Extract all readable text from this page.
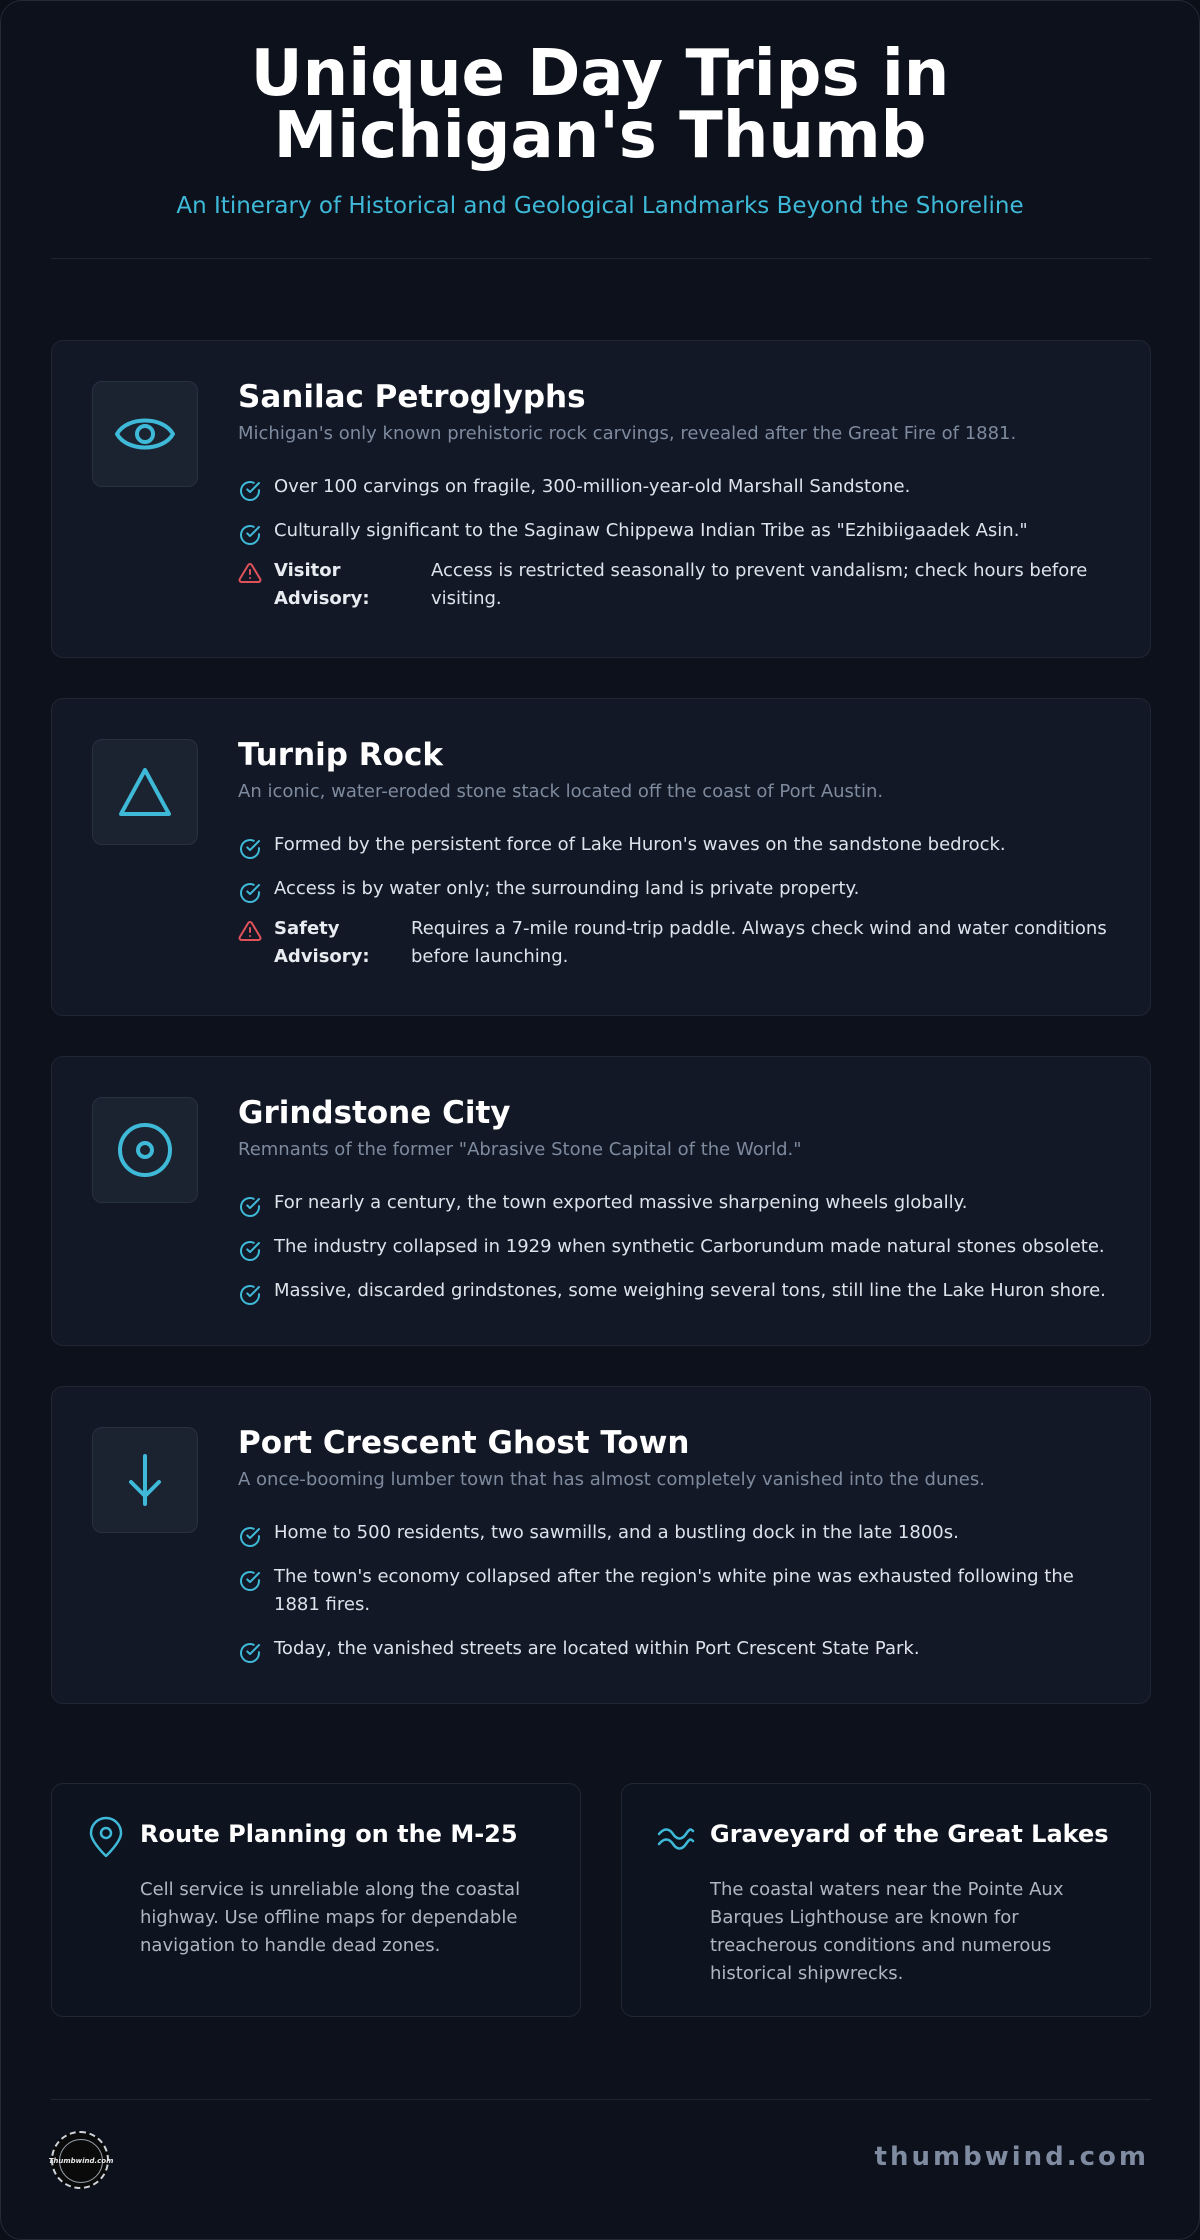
Unique Day Trips in Michigan's Thumb
An Itinerary of Historical and Geological Landmarks Beyond the Shoreline
Sanilac Petroglyphs
Michigan's only known prehistoric rock carvings, revealed after the Great Fire of 1881.
Over 100 carvings on fragile, 300-million-year-old Marshall Sandstone.
Culturally significant to the Saginaw Chippewa Indian Tribe as "Ezhibiigaadek Asin."
Visitor Advisory:
Access is restricted seasonally to prevent vandalism; check hours before visiting.
Turnip Rock
An iconic, water-eroded stone stack located off the coast of Port Austin.
Formed by the persistent force of Lake Huron's waves on the sandstone bedrock.
Access is by water only; the surrounding land is private property.
Safety Advisory:
Requires a 7-mile round-trip paddle. Always check wind and water conditions before launching.
Grindstone City
Remnants of the former "Abrasive Stone Capital of the World."
For nearly a century, the town exported massive sharpening wheels globally.
The industry collapsed in 1929 when synthetic Carborundum made natural stones obsolete.
Massive, discarded grindstones, some weighing several tons, still line the Lake Huron shore.
Port Crescent Ghost Town
A once-booming lumber town that has almost completely vanished into the dunes.
Home to 500 residents, two sawmills, and a bustling dock in the late 1800s.
The town's economy collapsed after the region's white pine was exhausted following the 1881 fires.
Today, the vanished streets are located within Port Crescent State Park.
Route Planning on the M-25
Cell service is unreliable along the coastal highway. Use offline maps for dependable navigation to handle dead zones.
Graveyard of the Great Lakes
The coastal waters near the Pointe Aux Barques Lighthouse are known for treacherous conditions and numerous historical shipwrecks.
Thumbwind.com	thumbwind.com
